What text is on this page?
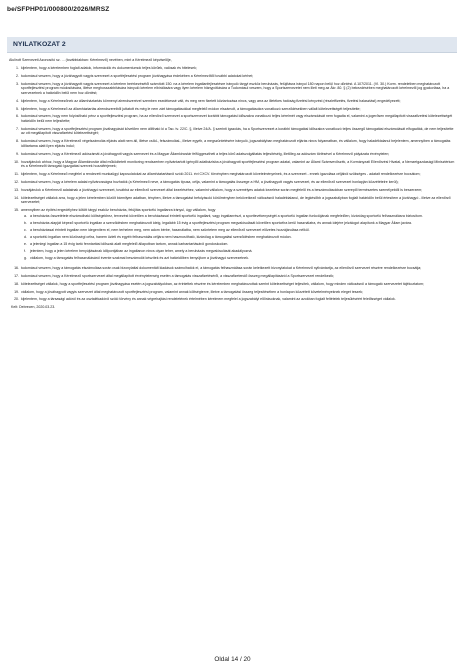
be/SFPHP01/000800/2026/MRSZ
NYILATKOZAT 2

Alulírott Szervezeti Azonosító sz. ... (továbbiakban: Kérelmező) nevében, mint a Kérelmező képviselője,

1. kijelentem, hogy a kérelemben foglalt adatok, információk és dokumentumok teljes körűek, valósak és hitelesek;
2. tudomásul veszem, hogy a jóváhagyott vagyis szervezet a sportfejlesztési program jóváhagyása érdekében a Kérelmezőtől további adatokat kérhet;
3. tudomásul veszem, hogy a jóváhagyott vagyis szervezet a kérelem beérkezésétől számított 150. na a kérelem ingatlanfejlesztésre irányuló tárgyi eszköz beruházás, felújításra irányul 180 napon belül hoz döntést. A 107/2011. (VI. 30.) Korm. rendeletben meghatározott sportfejlesztési program módosítására, illetve meghosszabbítására irányuló kérelem elbírálására vagy ilyen kérelem hiánypótlására a Tudomásul veszem, hogy a Sportszervezetet nem illeti meg az Ákr. 80. § (2) bekezdésében meghatározott kérelmezői jog gyakorlása, ha a szervezetnek a határidőn belül nem hoz döntést;
4. kijelentem, hogy a Kérelmezőnek az államháztartás körmenyi alrendszerével szemben esedékessé vált, és meg nem fizetett köztartozása nincs, vagy arra az illetékes hatóság fizetési kényvést (részletfizetés, fizetési halasztást) engedélyezett;
5. kijelentem, hogy a Kérelmező az államháztartás alrendszereiből juttatott és még le nem zárt támogatásokkal megfelelő módon elszámolt, a támogatásokra vonatkozó szerződésekben vállalt kötelezettségét teljesítette;
6. tudomásul veszem, hogy nem folyósítható pénz a sportfejlesztési program, ha az ellenőrző szervezet a sportszervezet korábbi támogatási időszakra vonatkozó teljes kérelmét vagy elszámolását nem fogadta el, valamint a jogerősen megállapított visszafizetési kötelezettségét határidőn belül nem teljesítette;
7. tudomásul veszem, hogy a sportfejlesztési program jóváhagyását követően nem állítható ki a Tao. tv. 22/C. §, illetve 24/A. § szerinti igazolás, ha a Sportszervezet a korábbi támogatási időszakra vonatkozó teljes összegű támogatási elszámolását elfogadták, de nem teljesítette az ott megállapított visszafizetési kötelezettségét;
8. tudomásul veszem, hogy a Kérelmező végelszámolás eljárás alatt nem áll, illetve csőd-, felszámolási-, illetve egyéb, a megszüntetésére irányuló, jogszabályban meghatározott eljárás nincs folyamatban, és vállalom, hogy haladéktalanul bejelentem, amennyiben a támogatás időtartama alatt ilyen eljárás indul;
9. tudomásul veszem, hogy a Kérelmező adószámát a jóváhagyott vagyis szervezet és a Magyar Államkincstár felfüggesztheti a teljes körű adatszolgáltatás teljesítéséig, illetőleg az adószám törlésével a Kérelmező pályázata érvénytelen;
10. hozzájárulok ahhoz, hogy a Magyar Államkincstár által működtetett monitoring rendszerben nyilvántartott igénylői adatbázisba a jóváhagyott sportfejlesztési program adatai, valamint az Állami Számvevőszék, a Kormányzati Ellenőrzési Hivatal, a Nemzetgazdasági Minisztérium és a Kérelmezőt támogató igazgatási szervek hozzáférjenek;
11. kijelentem, hogy a Kérelmező megfelel a rendezett munkaügyi kapcsolatokat az államháztartásról szóló 2011. évi CXCV. törvényben meghatározott követelményeinek, és a szervezet - ennek igazolása céljából szükséges - adatait rendelkezésre bocsátom;
12. tudomásul veszem, hogy a kérelem adatai nyilvánosságra hozhatók (a Kérelmező neve, a támogatás típusa, célja, valamint a támogatás összege a HM, a jóváhagyott vagyis szervezet, és az ellenőrző szervezet honlapján közzétételre kerül);
13. hozzájárulok a Kérelmező adatainak a jóváhagyó szervezet, továbbá az ellenőrző szervezet által kezeléséhez, valamint vállalom, hogy a személyes adatok kezelése során megfelelő és a beszámolásokban szereplő természetes személyektől is beszerzem;
14. kötelezettséget vállalok arra, hogy a jelen kérelemben közölt bármilyen adatban, tényben, illetve a támogatást befolyásoló körülményben bekövetkező változásról haladéktalanul, de legkésőbb a jogszabályban foglalt határidőn belül értesítem a jóváhagyó - illetve az ellenőrző szervezetet;
15. amennyiben az építési engedélyhez kötött tárgyi eszköz beruházás, felújítás sportcélú ingatlanra irányul, úgy vállalom, hogy
a. a beruházás összetétele elszámolható költségekhez, tervezést követően a beruházással érintett sportcélú ingatlant, vagy ingatlanrészt, a sporttevékenységét a sportcélú ingatlan funkciójának megfelelően, kizárólag sportcélú felhasználásra biztosítom.
b. a beruházás alapját képező sportcélú ingatlan a szerződésben meghatározott ideig, legalább 15 évig a sportfejlesztési program megvalósulását követően sportcélra kerül használatra, és annak idejére jelzálogot alapítunk a Magyar Állam javára.
c. a beruházással érintett ingatlan nem idegenítem el, nem terhelem meg, nem adom bérbe, használatba, nem szüntetem meg az ellenőrző szervezet előzetes hozzájárulása nélkül.
d. a sportcélú ingatlan nem közösségi célra, hanem üzleti és egyéb felhasználás céljára nem hasznosítható, kizárólag a támogatási szerződésben meghatározott módon.
e. a jelenlegi ingatlan a 15 évig tartó fenntartási időszak alatt megfelelő állapotban tartom, annak karbantartásáról gondoskodom.
f.	jelentem, hogy a jelen kérelem benyújtásának időpontjában az ingatlanon nincs olyan teher, amely a beruházás megvalósulását akadályozná.
g. vállalom, hogy a támogatás felhasználásáról évente szakmai beszámolót készítek és azt határidőben benyújtom a jóváhagyó szervezetnek.
16. tudomásul veszem, hogy a támogatás elszámolása során csak bizonylattal dokumentált kiadások számolhatók el, a támogatás felhasználása során keletkezett bizonylatokat a Kérelmező nyilvántartja, az ellenőrző szervezet részére rendelkezésre bocsátja;
17. tudomásul veszem, hogy a Kérelmező sportszervezet által megállapított érvénytelenség esetén a támogatás visszafizetéséről, a visszafizetendő összeg megállapításáról a Sportszervezet rendelkezik;
18. kötelezettséget vállalok, hogy a sportfejlesztési program jóváhagyása esetén a jogszabályokban, az érintettek részére és kérelemben meghatározottak szerint kötelezettséget teljesítek, vállalom, hogy minden változásról a támogató szervezetet tájékoztatom;
19. vállalom, hogy a jóváhagyott vagyis szervezet által meghatározott sportfejlesztési program, valamint annak költségterve, illetve a támogatási összeg teljesítésében a honlapon közzétett követelményeknek eleget teszek;
20. kijelentem, hogy a társasági adóról és az osztalékadóról szóló törvény és annak végrehajtási rendeletének értelmében kérelmem megfelel a jogszabályi előírásoknak, valamint az azokban foglalt feltételek teljesüléséért felelősséget vállalok.
Kelt: Debrecen, 2020.03.23.
Oldal 14 / 20
